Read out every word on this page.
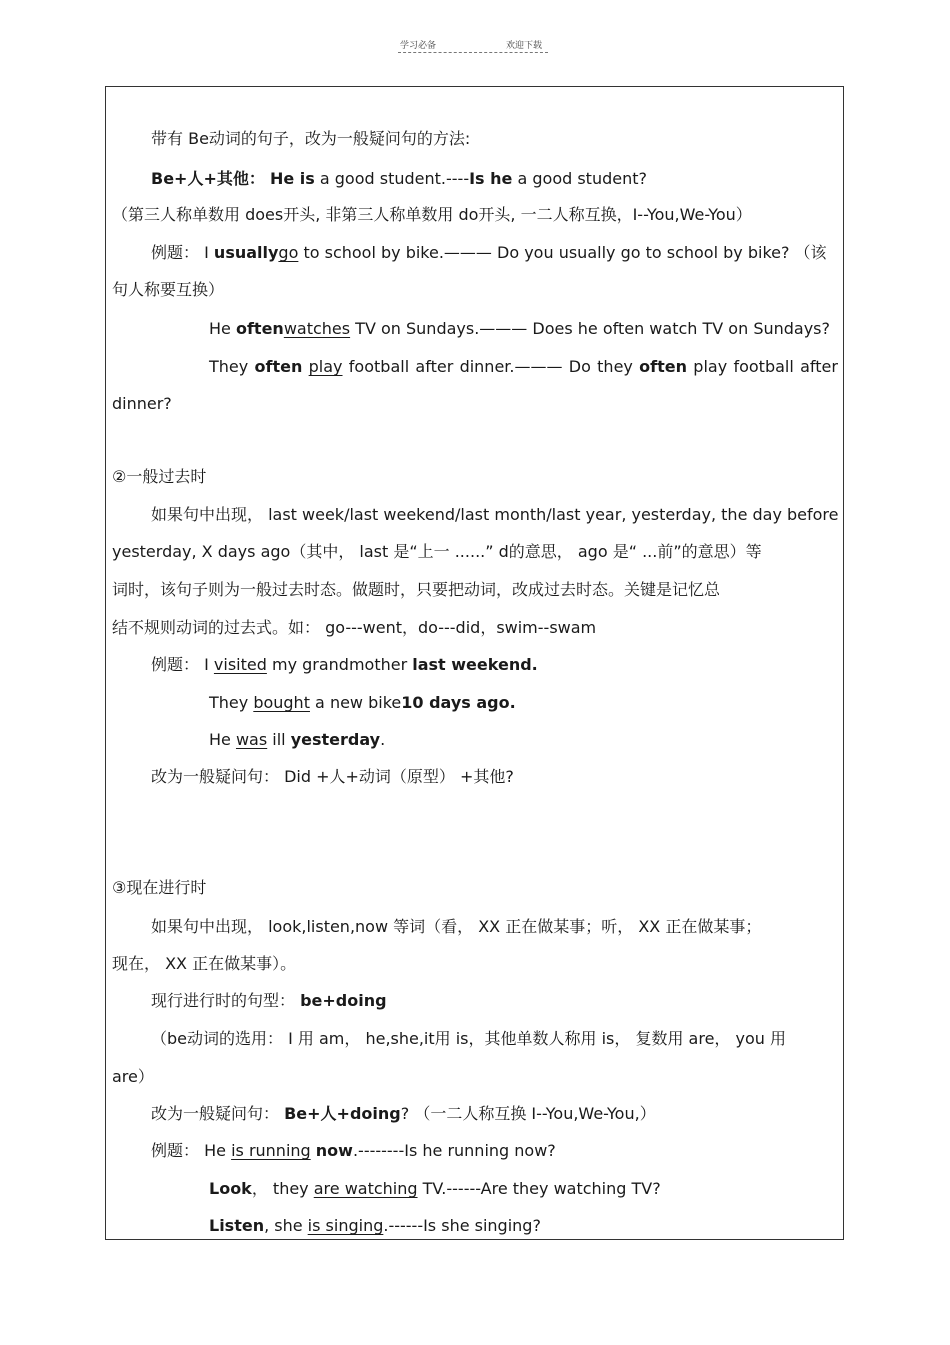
学习必备	欢迎下载
带有 Be动词的句子，改为一般疑问句的方法:
Be+人+其他： He is a good student.----Is he a good student?
（第三人称单数用 does开头, 非第三人称单数用 do开头, 一二人称互换，I--You,We-You）
例题： I usuallygo to school by bike.——— Do you usually go to school by bike? （该
句人称要互换）
He oftenwatches TV on Sundays.——— Does he often watch TV on Sundays?
They often play football after dinner.——— Do they often play football after
dinner?
②一般过去时
如果句中出现， last week/last weekend/last month/last year, yesterday, the day before
yesterday, X days ago（其中， last 是“上一 ......” d的意思， ago 是“ ...前”的意思）等
词时，该句子则为一般过去时态。做题时，只要把动词，改成过去时态。关键是记忆总
结不规则动词的过去式。如： go---went，do---did，swim--swam
例题： I visited my grandmother last weekend.
They bought a new bike10 days ago.
He was ill yesterday.
改为一般疑问句： Did +人+动词（原型） +其他?
③现在进行时
如果句中出现， look,listen,now 等词（看， XX 正在做某事；听， XX 正在做某事；
现在， XX 正在做某事）。
现行进行时的句型： be+doing
（be动词的选用： I 用 am， he,she,it用 is，其他单数人称用 is， 复数用 are， you 用
are）
改为一般疑问句： Be+人+doing? （一二人称互换 I--You,We-You,）
例题： He is running now.--------Is he running now?
Look， they are watching TV.------Are they watching TV?
Listen, she is singing.------Is she singing?
